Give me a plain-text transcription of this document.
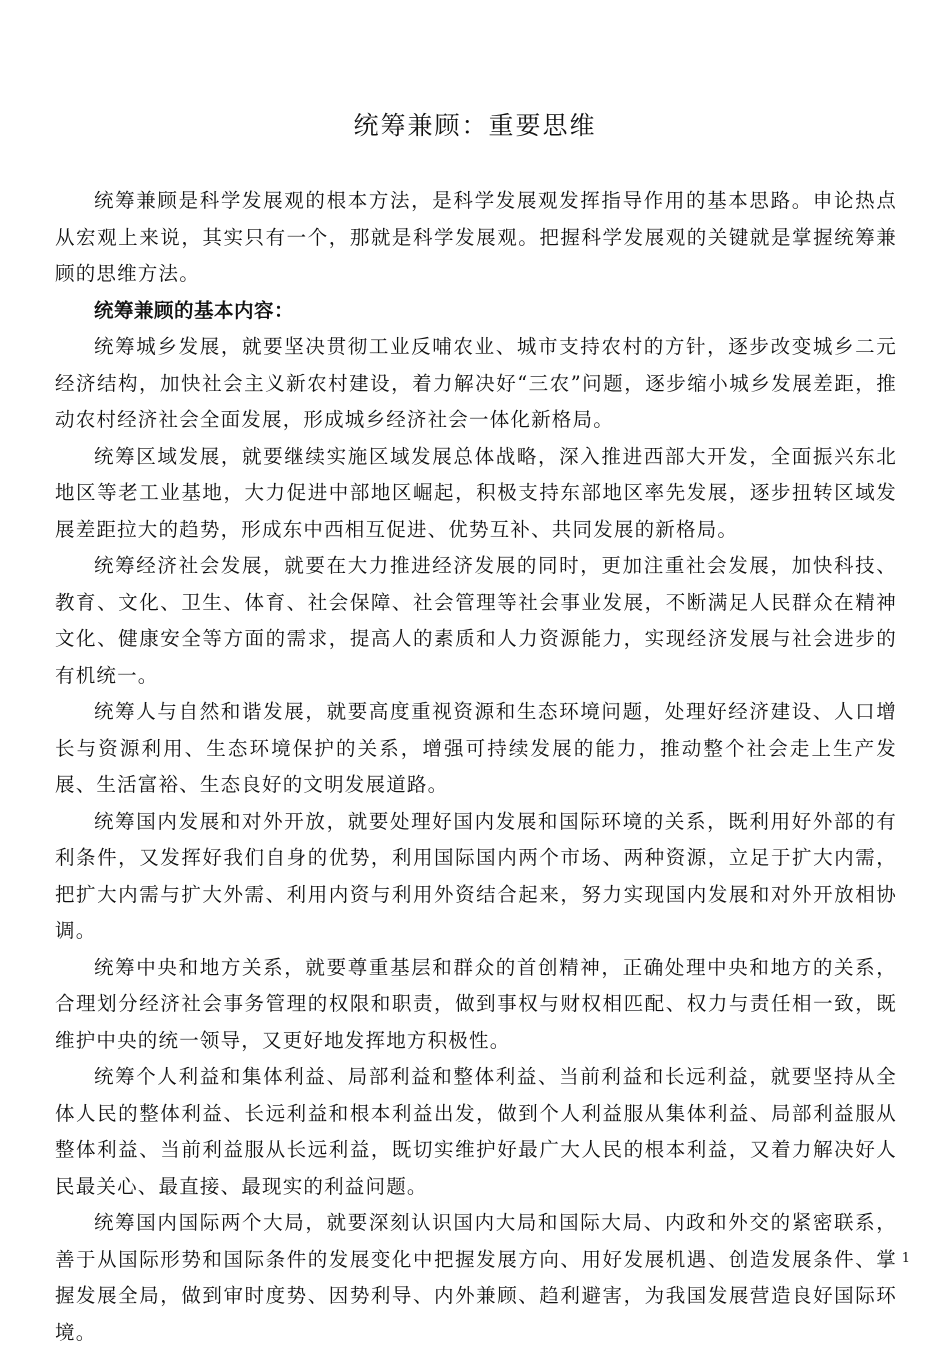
统筹兼顾：重要思维

统筹兼顾是科学发展观的根本方法，是科学发展观发挥指导作用的基本思路。申论热点从宏观上来说，其实只有一个，那就是科学发展观。把握科学发展观的关键就是掌握统筹兼顾的思维方法。

统筹兼顾的基本内容：

统筹城乡发展，就要坚决贯彻工业反哺农业、城市支持农村的方针，逐步改变城乡二元经济结构，加快社会主义新农村建设，着力解决好“三农”问题，逐步缩小城乡发展差距，推动农村经济社会全面发展，形成城乡经济社会一体化新格局。

统筹区域发展，就要继续实施区域发展总体战略，深入推进西部大开发，全面振兴东北地区等老工业基地，大力促进中部地区崛起，积极支持东部地区率先发展，逐步扭转区域发展差距拉大的趋势，形成东中西相互促进、优势互补、共同发展的新格局。

统筹经济社会发展，就要在大力推进经济发展的同时，更加注重社会发展，加快科技、教育、文化、卫生、体育、社会保障、社会管理等社会事业发展，不断满足人民群众在精神文化、健康安全等方面的需求，提高人的素质和人力资源能力，实现经济发展与社会进步的有机统一。

统筹人与自然和谐发展，就要高度重视资源和生态环境问题，处理好经济建设、人口增长与资源利用、生态环境保护的关系，增强可持续发展的能力，推动整个社会走上生产发展、生活富裕、生态良好的文明发展道路。

统筹国内发展和对外开放，就要处理好国内发展和国际环境的关系，既利用好外部的有利条件，又发挥好我们自身的优势，利用国际国内两个市场、两种资源，立足于扩大内需，把扩大内需与扩大外需、利用内资与利用外资结合起来，努力实现国内发展和对外开放相协调。

统筹中央和地方关系，就要尊重基层和群众的首创精神，正确处理中央和地方的关系，合理划分经济社会事务管理的权限和职责，做到事权与财权相匹配、权力与责任相一致，既维护中央的统一领导，又更好地发挥地方积极性。

统筹个人利益和集体利益、局部利益和整体利益、当前利益和长远利益，就要坚持从全体人民的整体利益、长远利益和根本利益出发，做到个人利益服从集体利益、局部利益服从整体利益、当前利益服从长远利益，既切实维护好最广大人民的根本利益，又着力解决好人民最关心、最直接、最现实的利益问题。

统筹国内国际两个大局，就要深刻认识国内大局和国际大局、内政和外交的紧密联系，善于从国际形势和国际条件的发展变化中把握发展方向、用好发展机遇、创造发展条件、掌握发展全局，做到审时度势、因势利导、内外兼顾、趋利避害，为我国发展营造良好国际环境。

1
